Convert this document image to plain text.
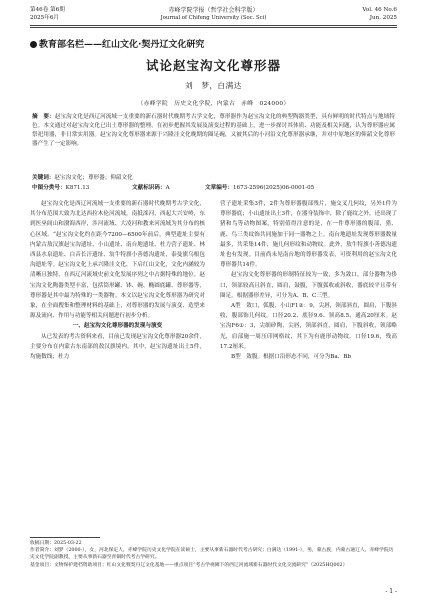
第46卷 第6期
2025年6月
赤峰学院学报（哲学社会科学版）
Journal of Chifeng University (Soc. Sci)
Vol. 46 No.6
Jun. 2025
教育部名栏——红山文化·契丹辽文化研究
试论赵宝沟文化尊形器
刘　梦，白满达
（赤峰学院　历史文化学院，内蒙古　赤峰　024000）
摘　要：赵宝沟文化是西辽河流域一支重要的新石器时代晚期考古学文化，尊形器作为赵宝沟文化的典型陶器类型，具有鲜明的时代特点与地域特色。本文通过对赵宝沟文化已出土尊形器的整理，在初步把握其发展及演变过程的基础上，进一步探讨其体质、功能及相关问题，认为尊形器应属祭祀用器，非日常实用器。赵宝沟文化尊形器来源于兴隆洼文化晚期的圈足碗，又被其后的小河沿文化尊形器承继，并对中原地区的仰韶文化尊形器产生了一定影响。
关键词：赵宝沟文化；尊形器；仰韶文化
中图分类号：K871.13	文献标识码：A	文章编号：1673-2596(2025)06-0001-05

赵宝沟文化是西辽河流域一支重要的新石器时代晚期考古学文化，其分布范围大致为北达西拉木伦河流域，南抵滦河，西起大兴安岭，东到医巫闾山和渤海西岸，涉河流域、大凌河和教来河流域为其分布的核心区域。“赵宝沟文化约在距今7200—6500年前后，典型遗址主要有内蒙古敖汉旗赵宝沟遗址、小山遗址、南台地遗址、杜力营子遗址、林西县水泉遗址、白音长汗遗址、翁牛特旗小善德沟遗址，泰曼旗乌根包沟遗址等。赵宝沟文化上承兴隆洼文化，下启红山文化，文化内涵较为清晰且独特，在西辽河流域史前文化发展序列之中占据特殊的地位。赵宝沟文化陶器类型丰富，包括筒形罐、钵、碗、椭圆底罐、尊形器等，尊形器是其中最为特殊的一类器物。本文以赵宝沟文化尊形器为研究对象，在全面搜集和整理材料的基础上，对尊形器的发展与演变、造型来源及流向、作用与功能等相关问题进行初步分析。

一、赵宝沟文化尊形器的发现与演变

从已发表的考古资料来看，目前已发现赵宝沟文化尊形器20余件，主要分布在内蒙古东南部的敖汉旗境内。其中，赵宝沟遗址出土5件，均施数线；杜力

营子遗址采集3件，2件为尊形器腹部残片，施交叉几何纹，另外1件为尊形器底；小山遗址出土3件，在器身装饰中，除了鹿纹之外，还出现了猪和鸟等动物图案，特别值得注意的是，在一件尊形器的腹部，猎、鹿、鸟三类纹饰共同施加于同一器物之上。南台地遗址发现尊形器数量最多，共采集14件，施几何形纹和动物纹。此外，敖牛特旗小善德沟遗址也有发现。目前尚未见南台地的尊形器发表，可资利用的赵宝沟文化尊形器共14件。

赵宝沟文化尊形器的形制特征较为一致，多为敛口，部分器物为侈口，领部较高且斜直，圆肩，鼓腹，下腹弧收或斜收，器底较平且带有圈足。根据器形差异，可分为A、B、C三型。

A型　敛口，弧腹，小山F1②：9，尖唇，领部斜直，圆肩，下腹斜收，腹部饰几何纹。口径20.2、底径9.6、领高8.5、通高20厘米。赵宝沟F6①：3，尖细矽陶，尖唇，领部斜直，圆肩，下腹斜收，领部略光，肩部施一周压印网格纹，其下为有鹿形动物纹。口径19.6，残高17.2厘米。

B型　敛腹。根据口沿形态不同，可分为Ba、Bb

收稿日期：2025-03-22
作者简介：刘梦（2000-），女，河北保定人，赤峰学院历史文化学院在读硕士，主要从事新石器时代考古研究；白满达（1991-），男，蒙古族，内蒙古通辽人，赤峰学院历史文化学院副教授，主要从事新石器至青铜时代考古学研究。
基金项目：文物保护建档资助项目；红山文化暨契丹辽文化基地——重点项目“考古学视阈下的西辽河流域新石器时代文化交流研究”（2025HQ002）
- 1 -
